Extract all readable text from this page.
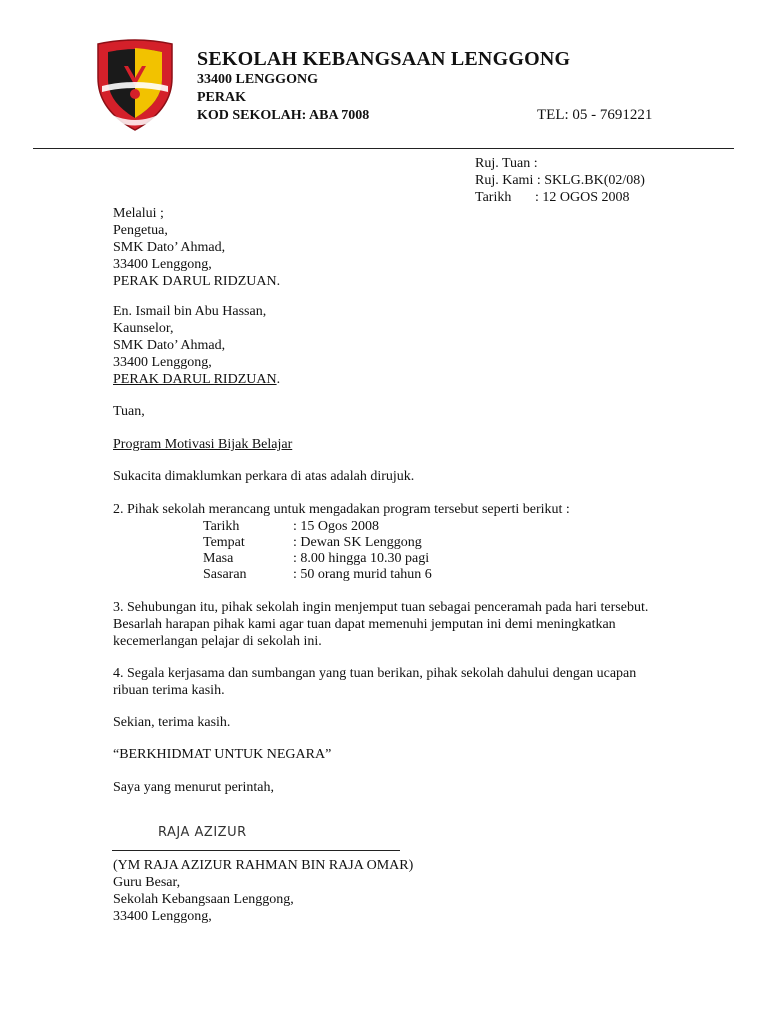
SEKOLAH KEBANGSAAN LENGGONG
33400 LENGGONG
PERAK
KOD SEKOLAH: ABA 7008	TEL: 05 - 7691221
Ruj. Tuan :
Ruj. Kami : SKLG.BK(02/08)
Tarikh : 12 OGOS 2008
Melalui ;
Pengetua,
SMK Dato’ Ahmad,
33400 Lenggong,
PERAK DARUL RIDZUAN.
En. Ismail bin Abu Hassan,
Kaunselor,
SMK Dato’ Ahmad,
33400 Lenggong,
PERAK DARUL RIDZUAN.
Tuan,
Program Motivasi Bijak Belajar
Sukacita dimaklumkan perkara di atas adalah dirujuk.
2. Pihak sekolah merancang untuk mengadakan program tersebut seperti berikut :
Tarikh	: 15 Ogos 2008
Tempat	: Dewan SK Lenggong
Masa	: 8.00 hingga 10.30 pagi
Sasaran	: 50 orang murid tahun 6
3. Sehubungan itu, pihak sekolah ingin menjemput tuan sebagai penceramah pada hari tersebut.
Besarlah harapan pihak kami agar tuan dapat memenuhi jemputan ini demi meningkatkan
kecemerlangan pelajar di sekolah ini.
4. Segala kerjasama dan sumbangan yang tuan berikan, pihak sekolah dahului dengan ucapan
ribuan terima kasih.
Sekian, terima kasih.
“BERKHIDMAT UNTUK NEGARA”
Saya yang menurut perintah,
RAJA AZIZUR
(YM RAJA AZIZUR RAHMAN BIN RAJA OMAR)
Guru Besar,
Sekolah Kebangsaan Lenggong,
33400 Lenggong,
